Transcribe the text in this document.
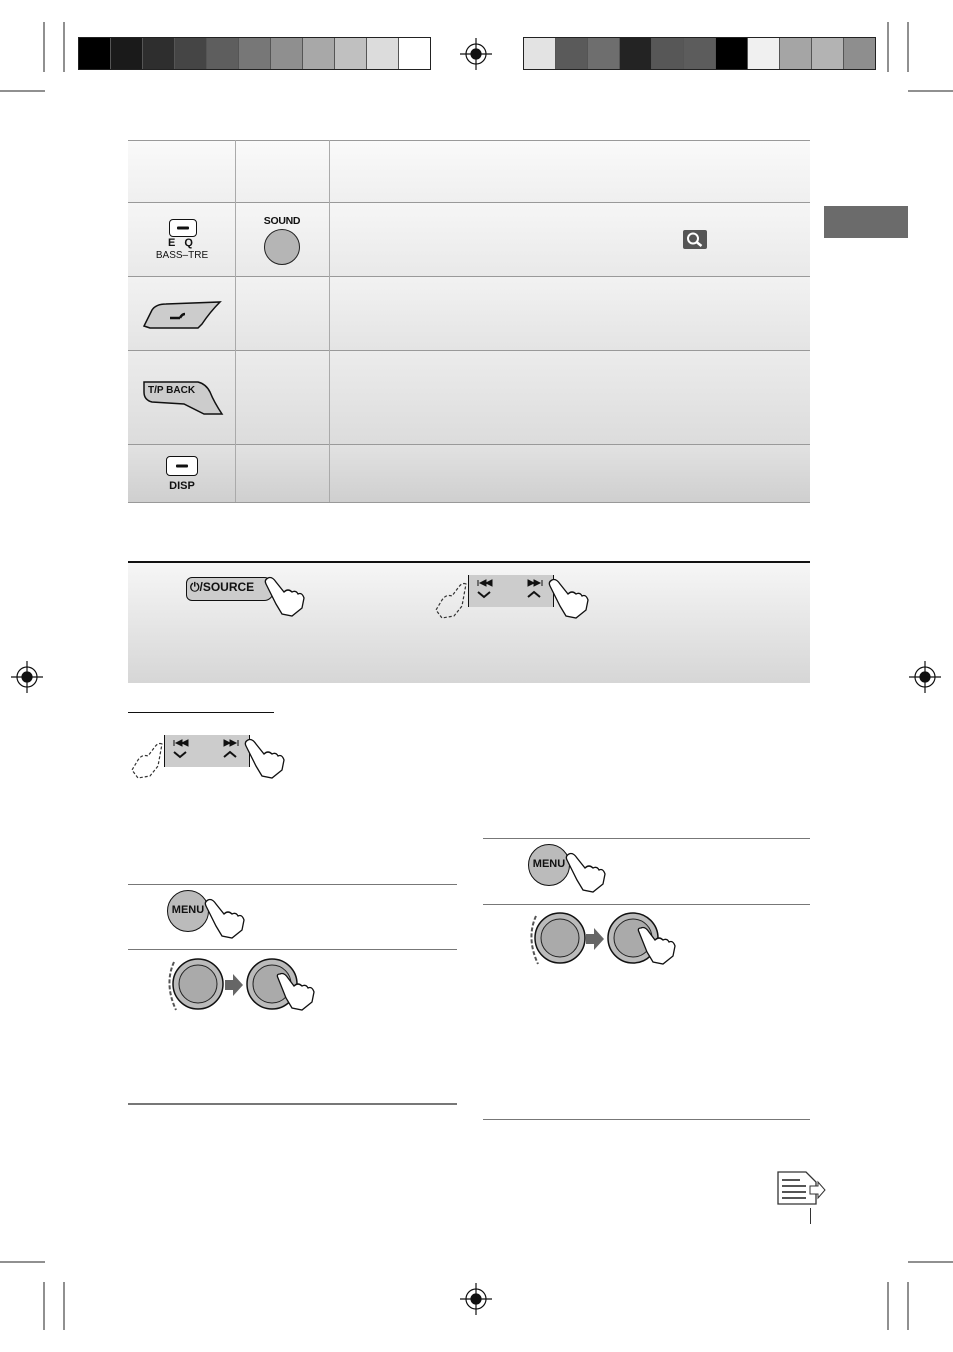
E Q
BASS–TRE
SOUND
T/P BACK
DISP
⏻/SOURCE
MENU
MENU
